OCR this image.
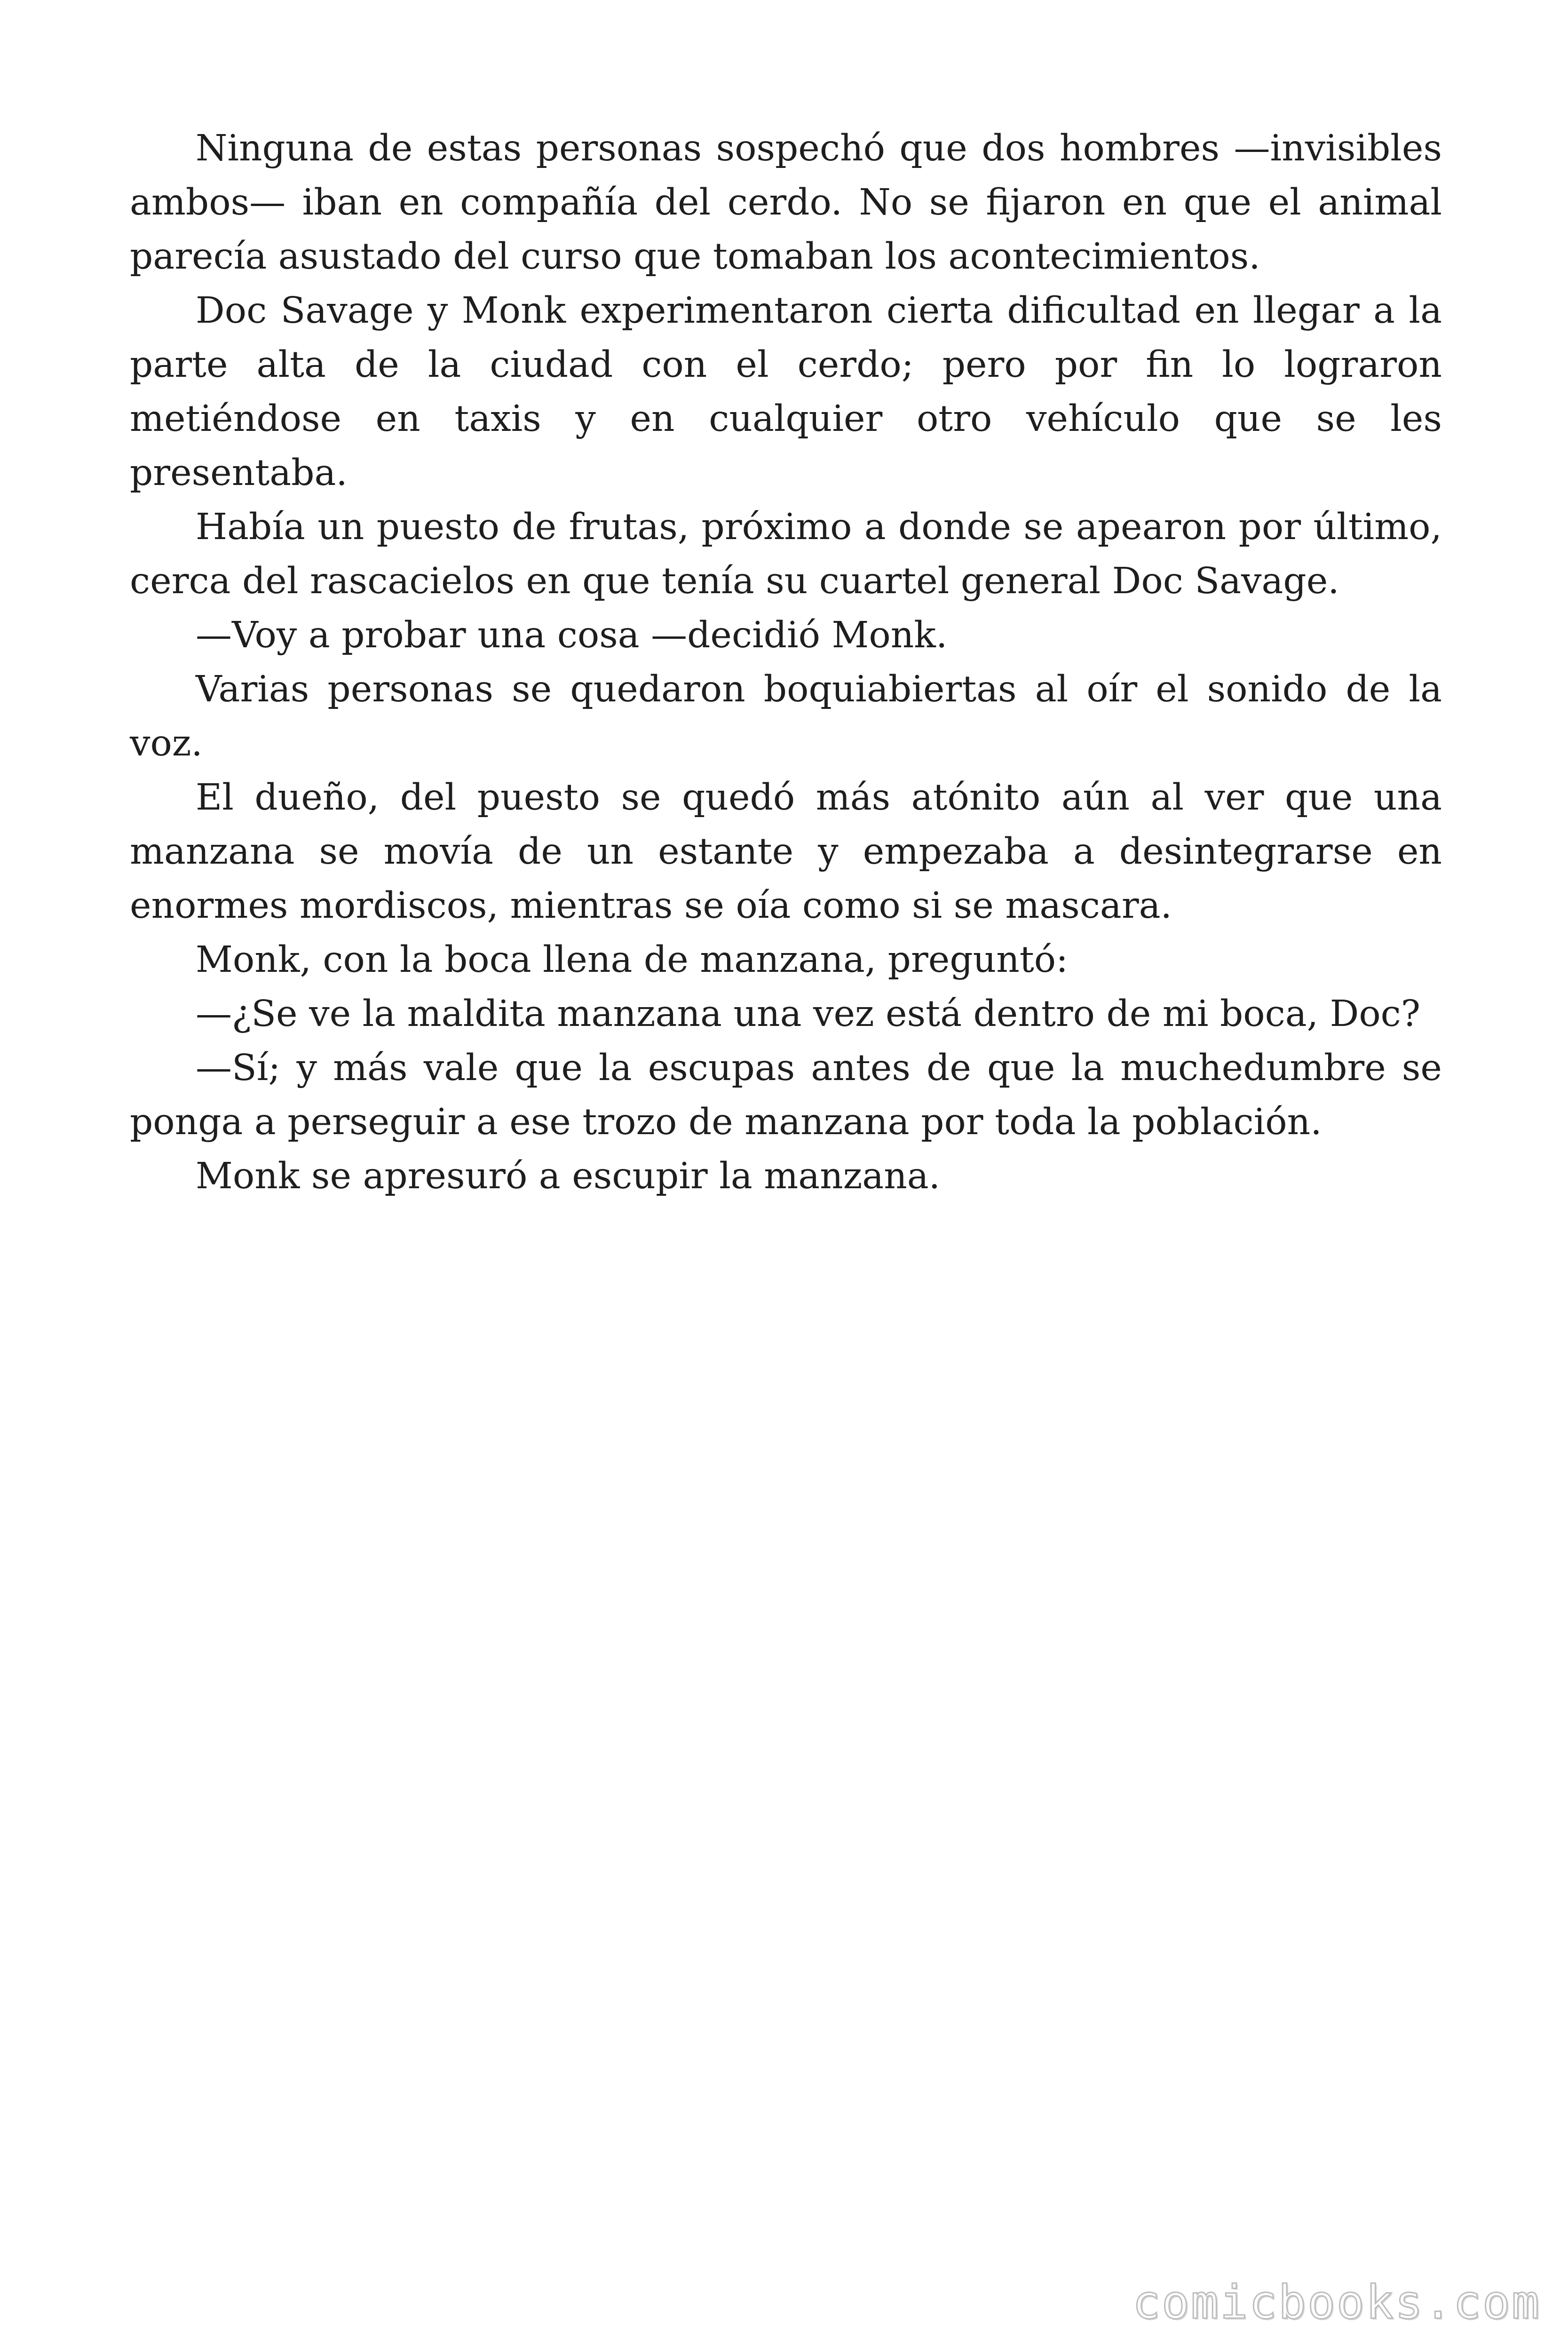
Ninguna de estas personas sospechó que dos hombres —invisibles ambos— iban en compañía del cerdo. No se fijaron en que el animal parecía asustado del curso que tomaban los acontecimientos.

Doc Savage y Monk experimentaron cierta dificultad en llegar a la parte alta de la ciudad con el cerdo; pero por fin lo lograron metiéndose en taxis y en cualquier otro vehículo que se les presentaba.

Había un puesto de frutas, próximo a donde se apearon por último, cerca del rascacielos en que tenía su cuartel general Doc Savage.

—Voy a probar una cosa —decidió Monk.

Varias personas se quedaron boquiabiertas al oír el sonido de la voz.

El dueño, del puesto se quedó más atónito aún al ver que una manzana se movía de un estante y empezaba a desintegrarse en enormes mordiscos, mientras se oía como si se mascara.

Monk, con la boca llena de manzana, preguntó:

—¿Se ve la maldita manzana una vez está dentro de mi boca, Doc?

—Sí; y más vale que la escupas antes de que la muchedumbre se ponga a perseguir a ese trozo de manzana por toda la población.

Monk se apresuró a escupir la manzana.

comicbooks.com
